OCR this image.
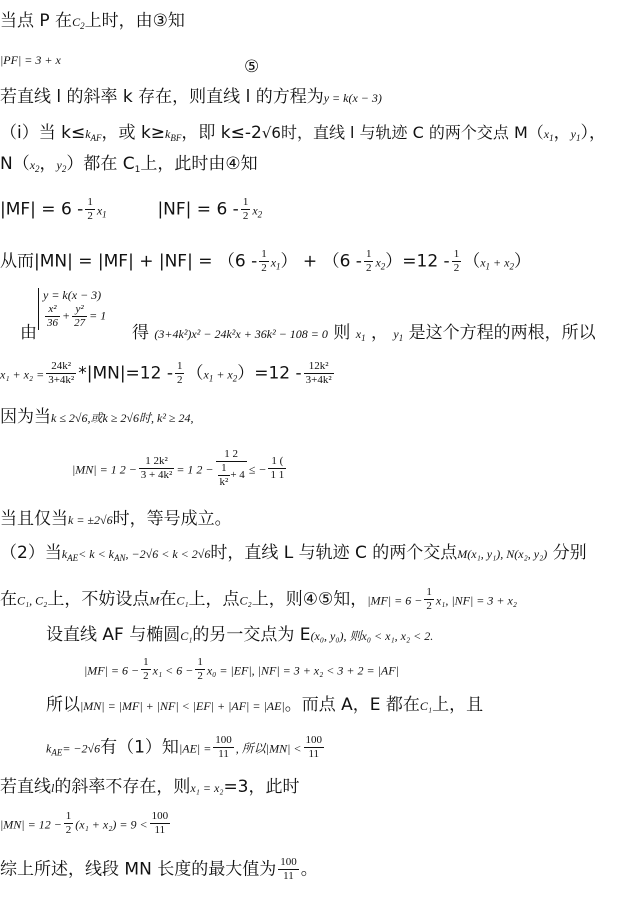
当点 P 在C2上时，由③知
|PF| = 3 + x	⑤
若直线 l 的斜率 k 存在，则直线 l 的方程为y = k(x − 3)
（ⅰ）当 k≤kAF，或 k≥kBF，即 k≤-2√6时，直线 l 与轨迹 C 的两个交点 M（x1，y1），
N（x2，y2）都在 C1上，此时由④知
$|MF| = 6 - \frac{1}{2} x1$	$|NF| = 6 - \frac{1}{2} x2$
从而$|MN| = |MF| + |NF| = (6 - \frac{1}{2} x1) + (6 - \frac{1}{2} x2)=12 - \frac{1}{2} (x1 + x2)$
由
y = k(x − 3)
$\frac{\text{x²}}{36} + \frac{\text{y²}}{27} = 1$
得 (3+4k²)x² − 24k²x + 36k² − 108 = 0 则 x1 ， y1 是这个方程的两根，所以
$x_1 + x_2 = \frac{\text{24k²}}{\text{3+4k²}} *|MN|=12 - \frac{1}{2} (x1 + x2)=12 - \frac{\text{12k²}}{\text{3+4k²}}$
因为当k ≤ 2√6,或k ≥ 2√6时, k² ≥ 24,
|MN| = 1 $2 - \frac{\text{1 2k²}}{\text{3 + 4k²}} = 1$ $2 - \frac{1 2}{\frac{1}{\text{k²}} + 4}$ ≤ − $\frac{1 (}{1 1}$
当且仅当k = ±2√6时，等号成立。
（2）当kAE< k < kAN, −2√6 < k < 2√6时，直线 L 与轨迹 C 的两个交点M(x₁, y₁), N(x₂, y₂) 分别
在C₁, C₂上，不妨设点M在C₁上，点C₂上，则④⑤知，$|MF| = 6 - \frac{1}{2} x_1$, |NF| = 3 + x₂
设直线 AF 与椭圆C₁的另一交点为 E(x₀, y₀), 则x₀ < x₁, x₂ < 2.
$|MF| = 6 - \frac{1}{2} x_1 < 6 - \frac{1}{2} x_0 = |EF|$, |NF| = 3 + x₂ < 3 + 2 = |AF|
所以|MN| = |MF| + |NF| < |EF| + |AF| = |AE|。而点 A，E 都在C₁上，且
kAE= −2√6有（1）知$|AE| = \frac{100}{11}$ , 所以$|MN| < \frac{100}{11}$
若直线l的斜率不存在，则x₁ = x₂=3，此时
$|MN| = 12 - \frac{1}{2} (x_1 + x_2) = 9 < \frac{100}{11}$
综上所述，线段 MN 长度的最大值为 $\frac{100}{11}$ 。
